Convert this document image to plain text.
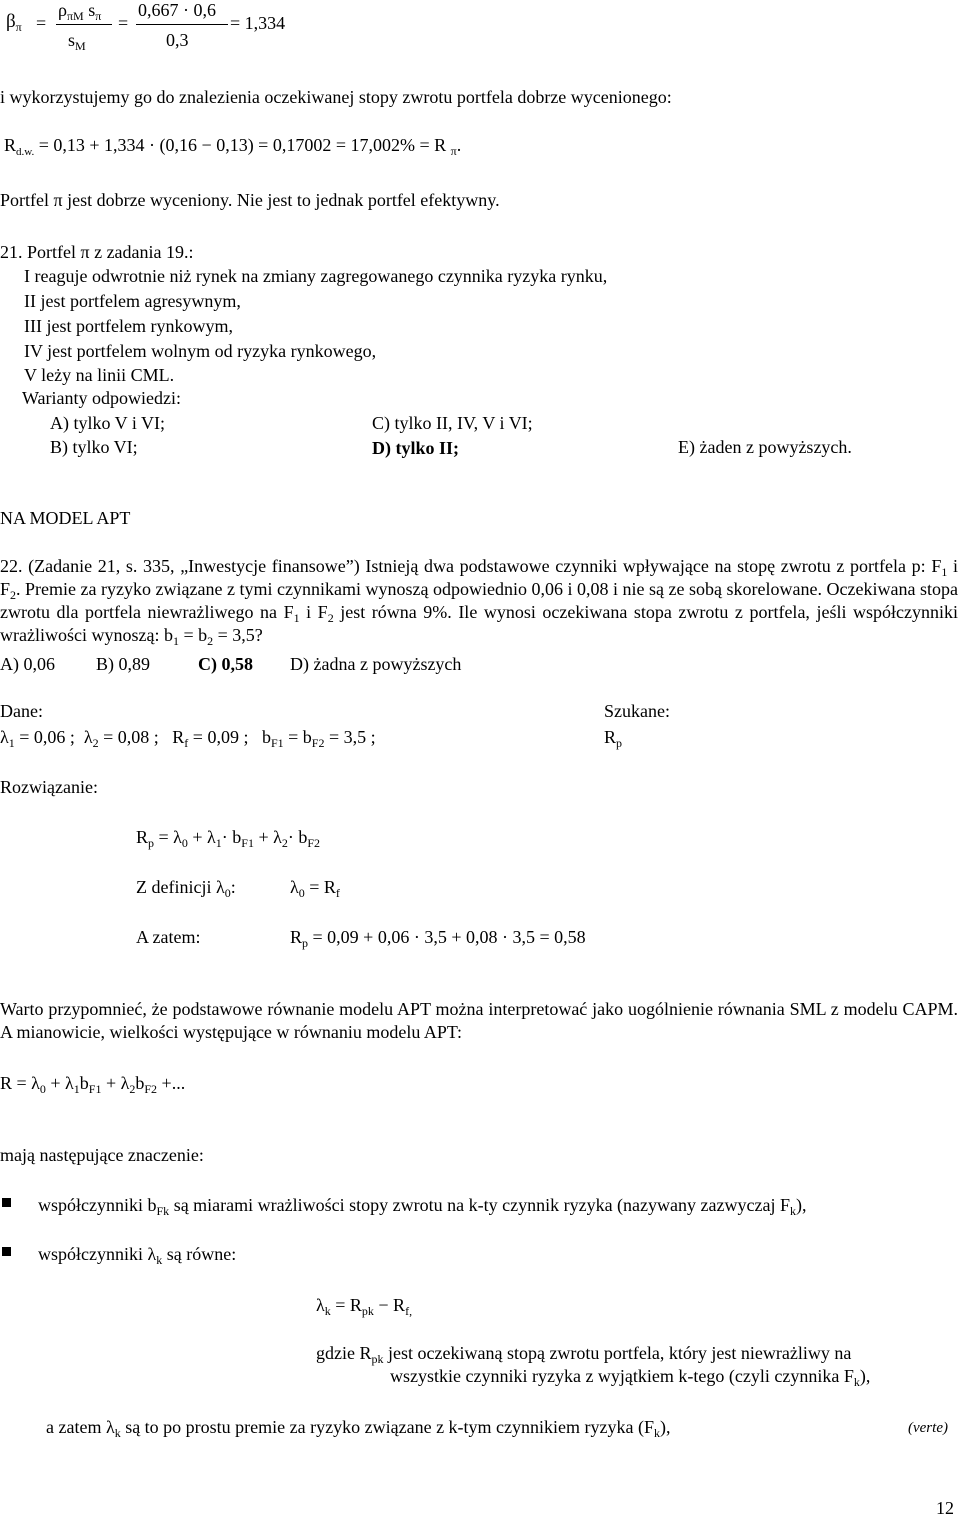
$\beta_\pi$ =
$\rho_{\pi M}$ $s_\pi$
$s_M$
=
0,667 · 0,6
0,3
= 1,334
i wykorzystujemy go do znalezienia oczekiwanej stopy zwrotu portfela dobrze wycenionego:
$R_{d.w.} = 0,13 + 1,334 \cdot (0,16 - 0,13) = 0,17002 = 17,002\% = R$ $_\pi$.
Portfel π jest dobrze wyceniony. Nie jest to jednak portfel efektywny.
21. Portfel π z zadania 19.:
I reaguje odwrotnie niż rynek na zmiany zagregowanego czynnika ryzyka rynku,
II jest portfelem agresywnym,
III jest portfelem rynkowym,
IV jest portfelem wolnym od ryzyka rynkowego,
V leży na linii CML.
Warianty odpowiedzi:
A) tylko V i VI;	C) tylko II, IV, V i VI;
B) tylko VI;	D) tylko II;	E) żaden z powyższych.
NA MODEL APT
22. (Zadanie 21, s. 335, „Inwestycje finansowe”) Istnieją dwa podstawowe czynniki wpływające na stopę zwrotu z portfela p: $F_1$ i $F_2$. Premie za ryzyko związane z tymi czynnikami wynoszą odpowiednio 0,06 i 0,08 i nie są ze sobą skorelowane. Oczekiwana stopa zwrotu dla portfela niewrażliwego na $F_1$ i $F_2$ jest równa 9%. Ile wynosi oczekiwana stopa zwrotu z portfela, jeśli współczynniki wrażliwości wynoszą: $b_1 = b_2 = 3,5$?
A) 0,06 B) 0,89	C) 0,58 D) żadna z powyższych
Dane:	Szukane:
$\lambda_1 = 0,06$ ; $\lambda_2 = 0,08$ ; $R_f = 0,09$ ; $b_{F1} = b_{F2} = 3,5$ ;	$R_p$
Rozwiązanie:
$R_p = \lambda_0 + \lambda_1\cdot b_{F1} + \lambda_2\cdot b_{F2}$
Z definicji $\lambda_0$:	$\lambda_0 = R_f$
A zatem:	$R_p = 0,09 + 0,06 \cdot 3,5 + 0,08 \cdot 3,5 = 0,58$
Warto przypomnieć, że podstawowe równanie modelu APT można interpretować jako uogólnienie równania SML z modelu CAPM. A mianowicie, wielkości występujące w równaniu modelu APT:
$R = \lambda_0 + \lambda_1b_{F1} + \lambda_2b_{F2}$ +...
mają następujące znaczenie:
współczynniki $b_{Fk}$ są miarami wrażliwości stopy zwrotu na k-ty czynnik ryzyka (nazywany zazwyczaj $F_k$),
współczynniki $\lambda_k$ są równe:
$\lambda_k = R_{pk} - R_{f,}$
gdzie $R_{pk}$ jest oczekiwaną stopą zwrotu portfela, który jest niewrażliwy na
wszystkie czynniki ryzyka z wyjątkiem k-tego (czyli czynnika $F_k$),
a zatem $\lambda_k$ są to po prostu premie za ryzyko związane z k-tym czynnikiem ryzyka $(F_k)$,	(verte)
12
